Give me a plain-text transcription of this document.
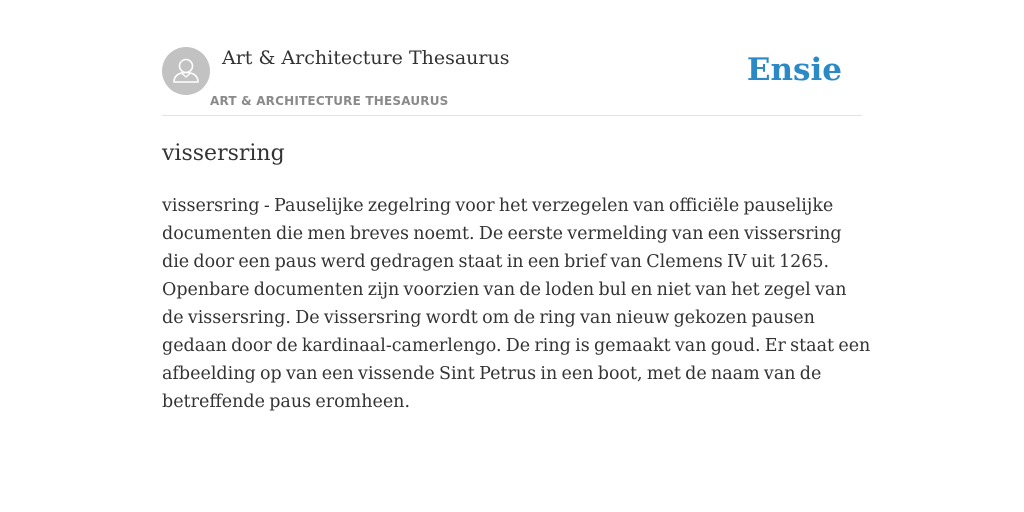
Art & Architecture Thesaurus
ART & ARCHITECTURE THESAURUS
Ensie
vissersring

vissersring - Pauselijke zegelring voor het verzegelen van officiële pauselijke documenten die men breves noemt. De eerste vermelding van een vissersring die door een paus werd gedragen staat in een brief van Clemens IV uit 1265. Openbare documenten zijn voorzien van de loden bul en niet van het zegel van de vissersring. De vissersring wordt om de ring van nieuw gekozen pausen gedaan door de kardinaal-camerlengo. De ring is gemaakt van goud. Er staat een afbeelding op van een vissende Sint Petrus in een boot, met de naam van de betreffende paus eromheen.
